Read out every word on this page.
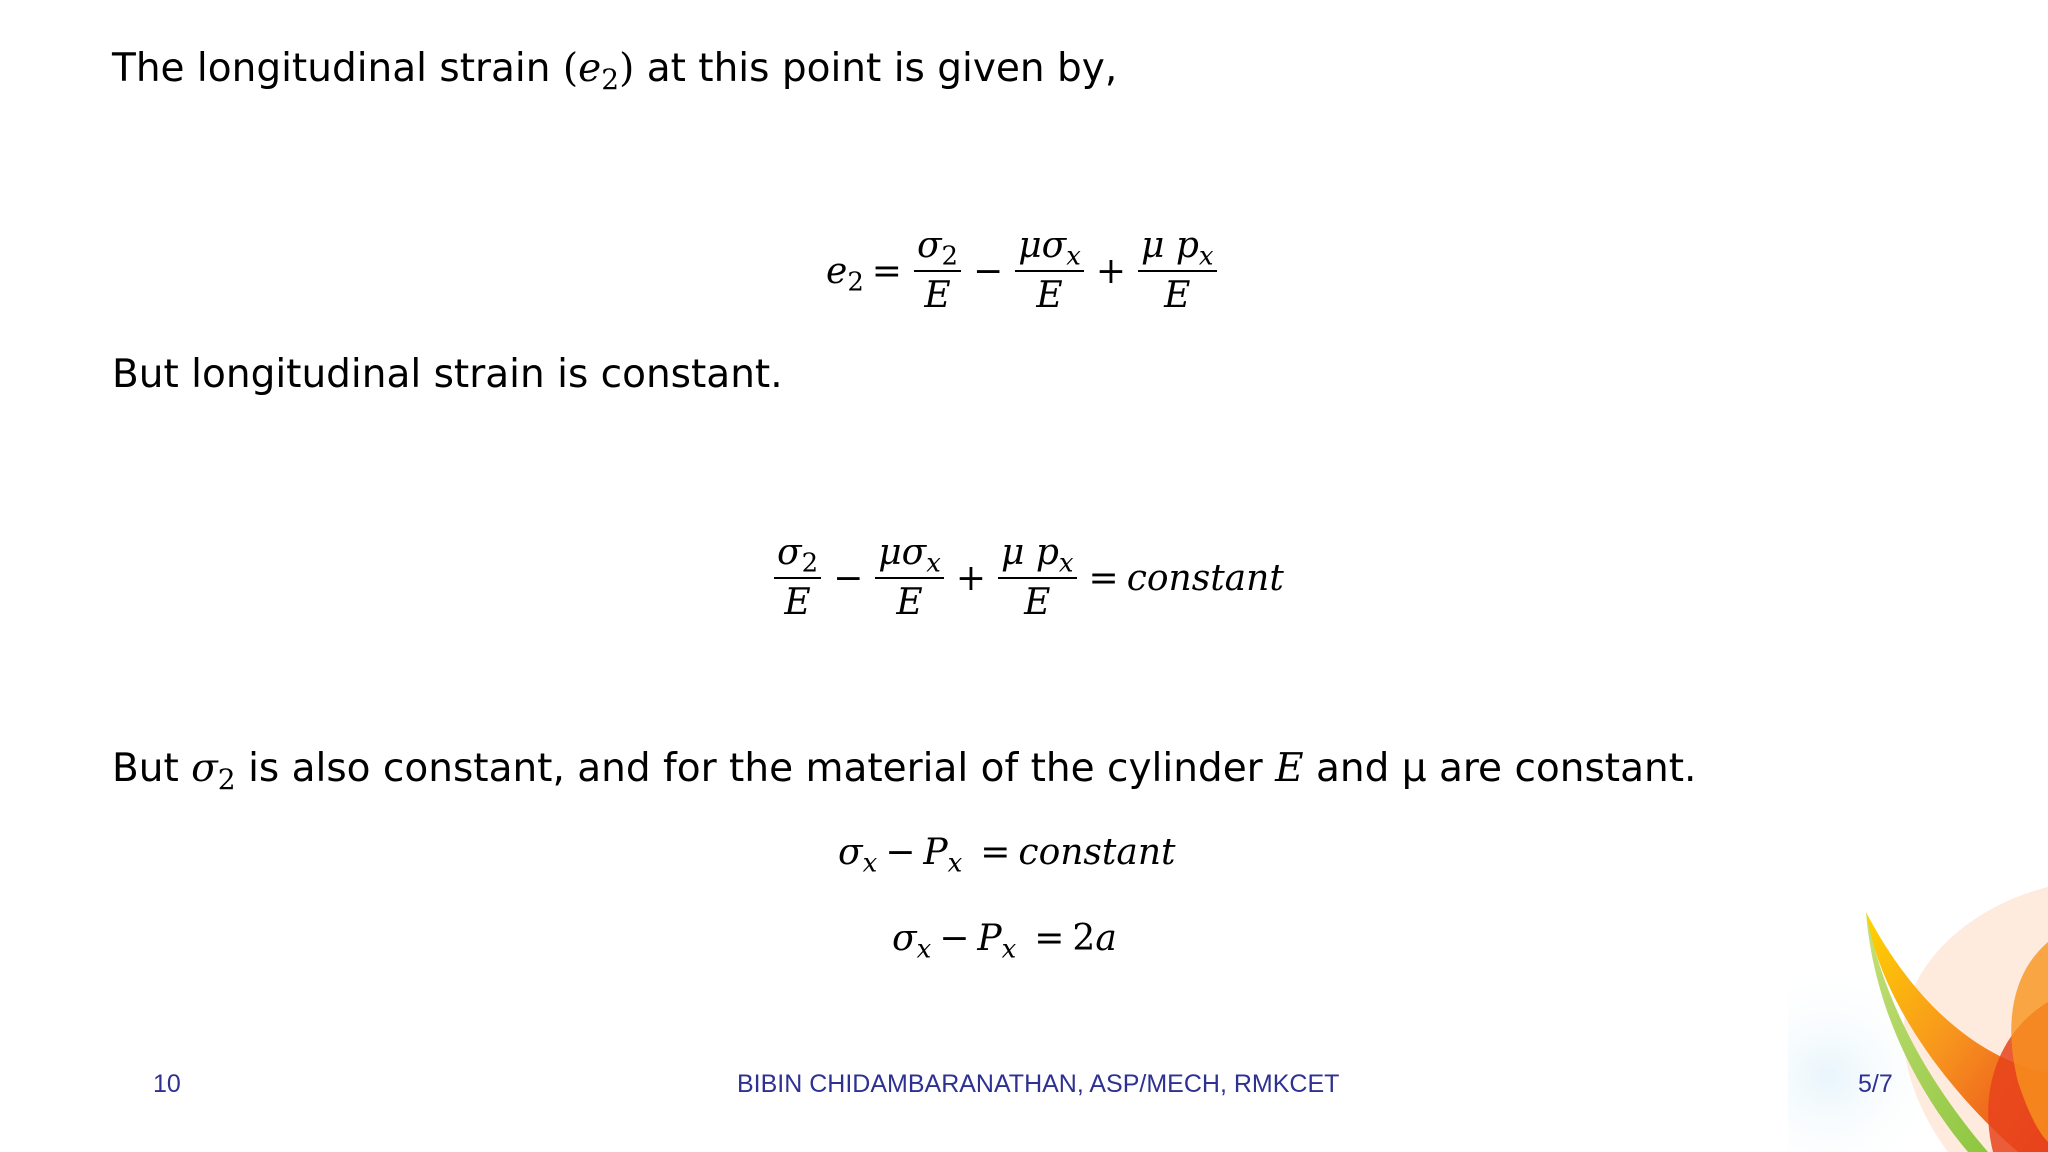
The longitudinal strain $(e_2)$ at this point is given by,
$e_2 = \frac{\sigma_2}{E} - \frac{\mu\sigma_x}{E} + \frac{\mu p_x}{E}$
But longitudinal strain is constant.
$\frac{\sigma_2}{E} - \frac{\mu\sigma_x}{E} + \frac{\mu p_x}{E}$ = constant
But $\sigma_2$ is also constant, and for the material of the cylinder E and μ are constant.
$\sigma_x - P_x$ = constant
$\sigma_x - P_x = 2$ a
10	BIBIN CHIDAMBARANATHAN, ASP/MECH, RMKCET	5/7
